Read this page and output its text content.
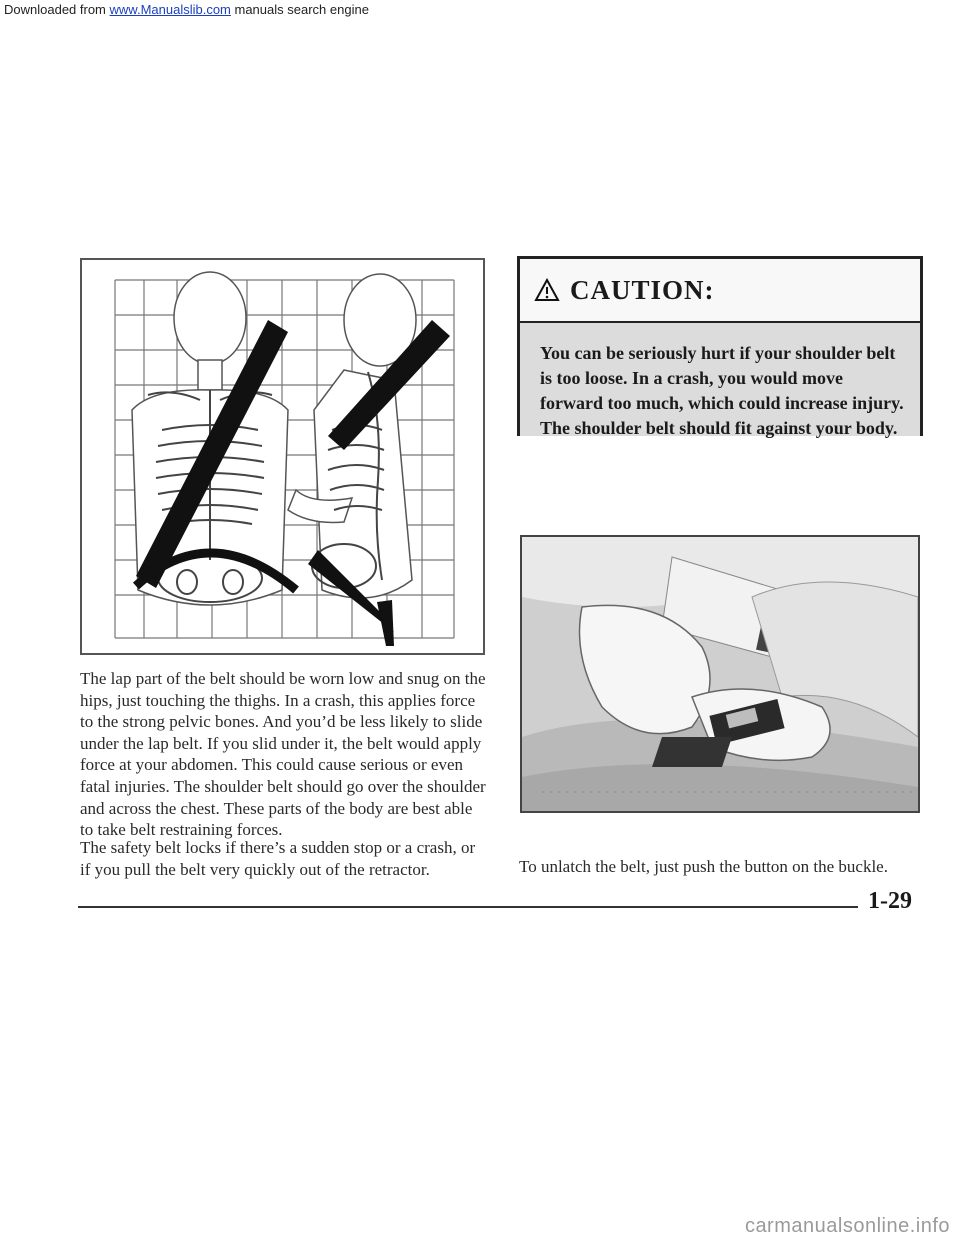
Downloaded from www.Manualslib.com manuals search engine

The lap part of the belt should be worn low and snug on the hips, just touching the thighs. In a crash, this applies force to the strong pelvic bones. And you’d be less likely to slide under the lap belt. If you slid under it, the belt would apply force at your abdomen. This could cause serious or even fatal injuries. The shoulder belt should go over the shoulder and across the chest. These parts of the body are best able to take belt restraining forces.

The safety belt locks if there’s a sudden stop or a crash, or if you pull the belt very quickly out of the retractor.

CAUTION:
You can be seriously hurt if your shoulder belt is too loose. In a crash, you would move forward too much, which could increase injury. The shoulder belt should fit against your body.

To unlatch the belt, just push the button on the buckle.

1-29
carmanualsonline.info
